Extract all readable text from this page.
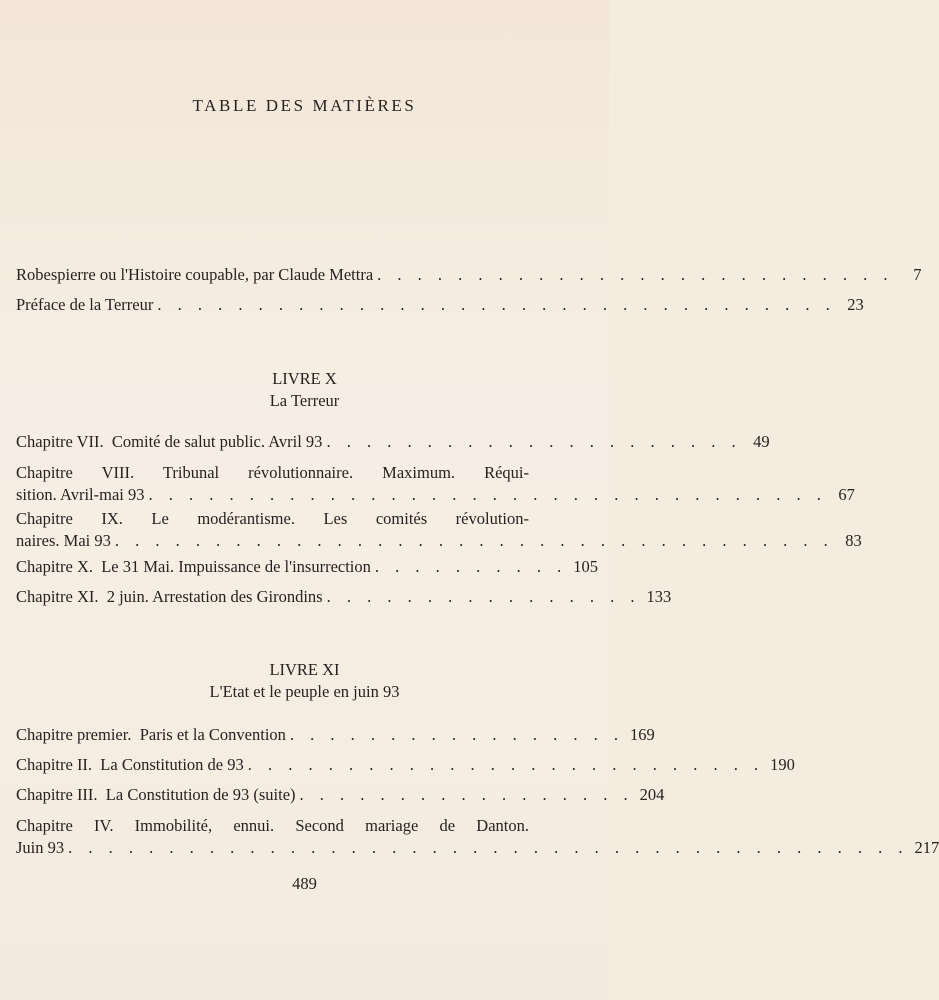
TABLE DES MATIÈRES
Robespierre ou l'Histoire coupable, par Claude Mettra . . . . . . . . . . . . . . . . . . . . . . . . . .	7
Préface de la Terreur . . . . . . . . . . . . . . . . . . . . . . . . . . . . . . . . . . 23
LIVRE X
La Terreur
Chapitre VII.  Comité de salut public. Avril 93 . . . . . . . . . . . . . . . . . . . . . 49
Chapitre VIII. Tribunal révolutionnaire. Maximum. Réqui-
sition. Avril-mai 93 . . . . . . . . . . . . . . . . . . . . . . . . . . . . . . . . . . 67
Chapitre IX. Le modérantisme. Les comités révolution-
naires. Mai 93 . . . . . . . . . . . . . . . . . . . . . . . . . . . . . . . . . . . . 83
Chapitre X.  Le 31 Mai. Impuissance de l'insurrection . . . . . . . . . . 105
Chapitre XI.  2 juin. Arrestation des Girondins . . . . . . . . . . . . . . . . 133
LIVRE XI
L'Etat et le peuple en juin 93
Chapitre premier.  Paris et la Convention . . . . . . . . . . . . . . . . . 169
Chapitre II.  La Constitution de 93 . . . . . . . . . . . . . . . . . . . . . . . . . . 190
Chapitre III.  La Constitution de 93 (suite) . . . . . . . . . . . . . . . . . 204
Chapitre IV. Immobilité, ennui. Second mariage de Danton.
Juin 93 . . . . . . . . . . . . . . . . . . . . . . . . . . . . . . . . . . . . . . . . . . 217
489
